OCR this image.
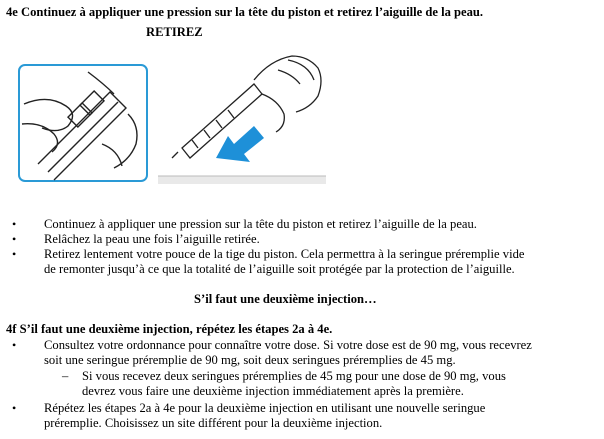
4e Continuez à appliquer une pression sur la tête du piston et retirez l’aiguille de la peau.
RETIREZ
• Continuez à appliquer une pression sur la tête du piston et retirez l’aiguille de la peau.
• Relâchez la peau une fois l’aiguille retirée.
• Retirez lentement votre pouce de la tige du piston. Cela permettra à la seringue préremplie vide
de remonter jusqu’à ce que la totalité de l’aiguille soit protégée par la protection de l’aiguille.
S’il faut une deuxième injection…
4f S’il faut une deuxième injection, répétez les étapes 2a à 4e.
• Consultez votre ordonnance pour connaître votre dose. Si votre dose est de 90 mg, vous recevrez
soit une seringue préremplie de 90 mg, soit deux seringues préremplies de 45 mg.
– Si vous recevez deux seringues préremplies de 45 mg pour une dose de 90 mg, vous
devrez vous faire une deuxième injection immédiatement après la première.
• Répétez les étapes 2a à 4e pour la deuxième injection en utilisant une nouvelle seringue
préremplie. Choisissez un site différent pour la deuxième injection.
